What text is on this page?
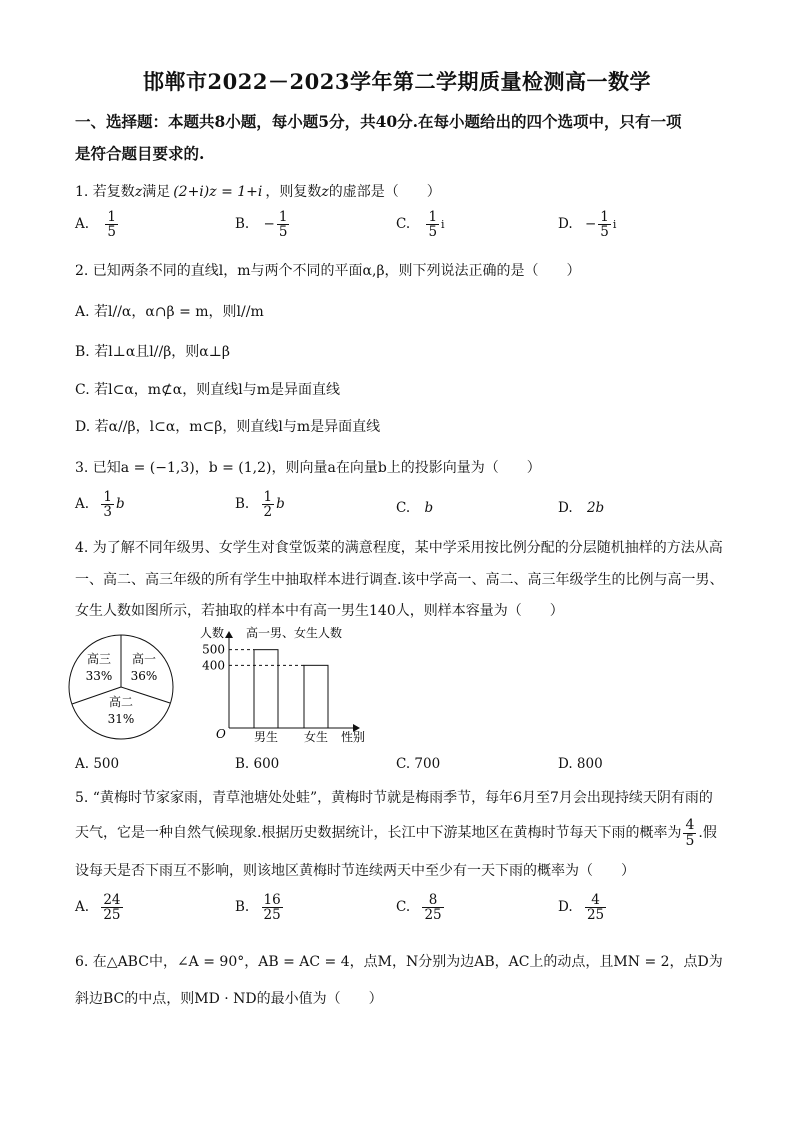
邯郸市2022－2023学年第二学期质量检测高一数学
一、选择题：本题共8小题，每小题5分，共40分.在每小题给出的四个选项中，只有一项
是符合题目要求的.
1. 若复数z满足 (2+i)z = 1+i ，则复数z的虚部是（　　）
A. $\frac{1}{5}$	B. − $\frac{1}{5}$	C. $\frac{1}{5}$ i	D. − $\frac{1}{5}$ i
2. 已知两条不同的直线l，m与两个不同的平面α,β，则下列说法正确的是（　　）
A. 若l//α，α∩β = m，则l//m
B. 若l⊥α且l//β，则α⊥β
C. 若l⊂α，m⊄α，则直线l与m是异面直线
D. 若α//β，l⊂α，m⊂β，则直线l与m是异面直线
3. 已知a = (−1,3)，b = (1,2)，则向量a在向量b上的投影向量为（　　）
A. $\frac{1}{3}$ b	B. $\frac{1}{2}$ b	C. b	D. 2b
4. 为了解不同年级男、女学生对食堂饭菜的满意程度，某中学采用按比例分配的分层随机抽样的方法从高
一、高二、高三年级的所有学生中抽取样本进行调查.该中学高一、高二、高三年级学生的比例与高一男、
女生人数如图所示，若抽取的样本中有高一男生140人，则样本容量为（　　）
高一
36%
高三
33%
高二
31%
人数 高一男、女生人数
O	性别
400
500
男生 女生
A. 500	B. 600	C. 700	D. 800
5. “黄梅时节家家雨，青草池塘处处蛙”，黄梅时节就是梅雨季节，每年6月至7月会出现持续天阴有雨的
天气，它是一种自然气候现象.根据历史数据统计，长江中下游某地区在黄梅时节每天下雨的概率为 $\frac{4}{5}$ .假
设每天是否下雨互不影响，则该地区黄梅时节连续两天中至少有一天下雨的概率为（　　）
A. $\frac{24}{25}$	B. $\frac{16}{25}$	C. $\frac{8}{25}$	D. $\frac{4}{25}$
6. 在△ABC中，∠A = 90°，AB = AC = 4，点M，N分别为边AB，AC上的动点，且MN = 2，点D为
斜边BC的中点，则MD · ND的最小值为（　　）
